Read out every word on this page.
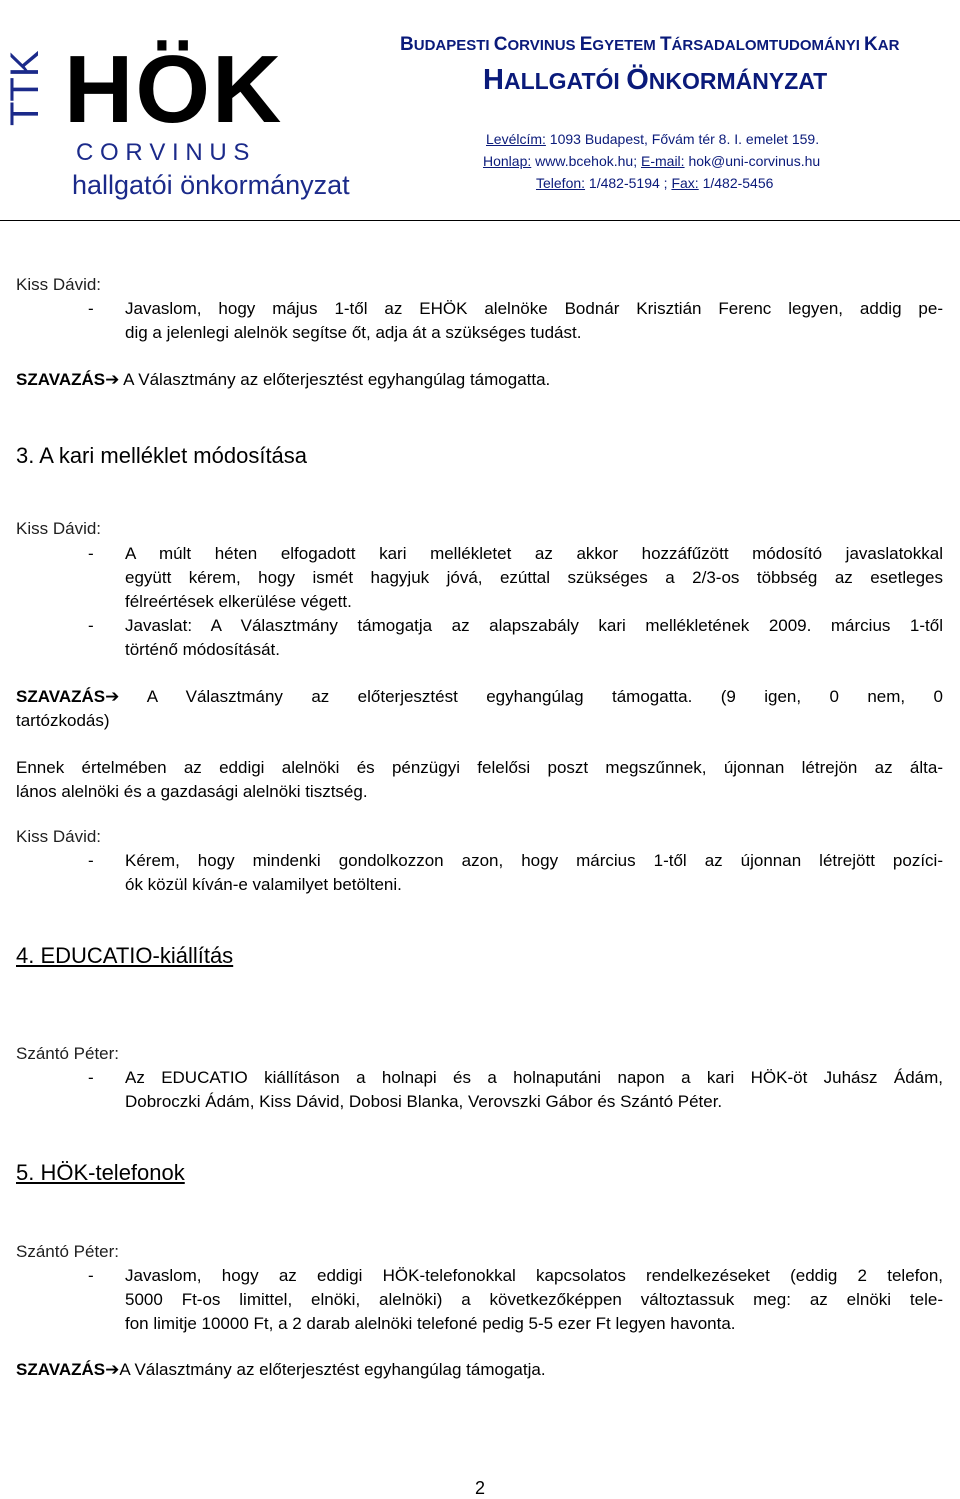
TTK HÖK
C O R V I N U S
hallgatói önkormányzat
BUDAPESTI CORVINUS EGYETEM TÁRSADALOMTUDOMÁNYI KAR
HALLGATÓI ÖNKORMÁNYZAT
Levélcím: 1093 Budapest, Fővám tér 8. I. emelet 159.
Honlap: www.bcehok.hu; E-mail: hok@uni-corvinus.hu
Telefon: 1/482-5194 ; Fax: 1/482-5456
Kiss Dávid:
- Javaslom, hogy május 1-től az EHÖK alelnöke Bodnár Krisztián Ferenc legyen, addig pe-
dig a jelenlegi alelnök segítse őt, adja át a szükséges tudást.
SZAVAZÁS➔ A Választmány az előterjesztést egyhangúlag támogatta.
3. A kari melléklet módosítása
Kiss Dávid:
- A múlt héten elfogadott kari mellékletet az akkor hozzáfűzött módosító javaslatokkal
együtt kérem, hogy ismét hagyjuk jóvá, ezúttal szükséges a 2/3-os többség az esetleges
félreértések elkerülése végett.
- Javaslat: A Választmány támogatja az alapszabály kari mellékletének 2009. március 1-től
történő módosítását.
SZAVAZÁS➔ A Választmány az előterjesztést egyhangúlag támogatta. (9 igen, 0 nem, 0
tartózkodás)
Ennek értelmében az eddigi alelnöki és pénzügyi felelősi poszt megszűnnek, újonnan létrejön az álta-
lános alelnöki és a gazdasági alelnöki tisztség.
Kiss Dávid:
- Kérem, hogy mindenki gondolkozzon azon, hogy március 1-től az újonnan létrejött pozíci-
ók közül kíván-e valamilyet betölteni.
4. EDUCATIO-kiállítás
Szántó Péter:
- Az EDUCATIO kiállításon a holnapi és a holnaputáni napon a kari HÖK-öt Juhász Ádám,
Dobroczki Ádám, Kiss Dávid, Dobosi Blanka, Verovszki Gábor és Szántó Péter.
5. HÖK-telefonok
Szántó Péter:
- Javaslom, hogy az eddigi HÖK-telefonokkal kapcsolatos rendelkezéseket (eddig 2 telefon,
5000 Ft-os limittel, elnöki, alelnöki) a következőképpen változtassuk meg: az elnöki tele-
fon limitje 10000 Ft, a 2 darab alelnöki telefoné pedig 5-5 ezer Ft legyen havonta.
SZAVAZÁS➔A Választmány az előterjesztést egyhangúlag támogatja.
2
